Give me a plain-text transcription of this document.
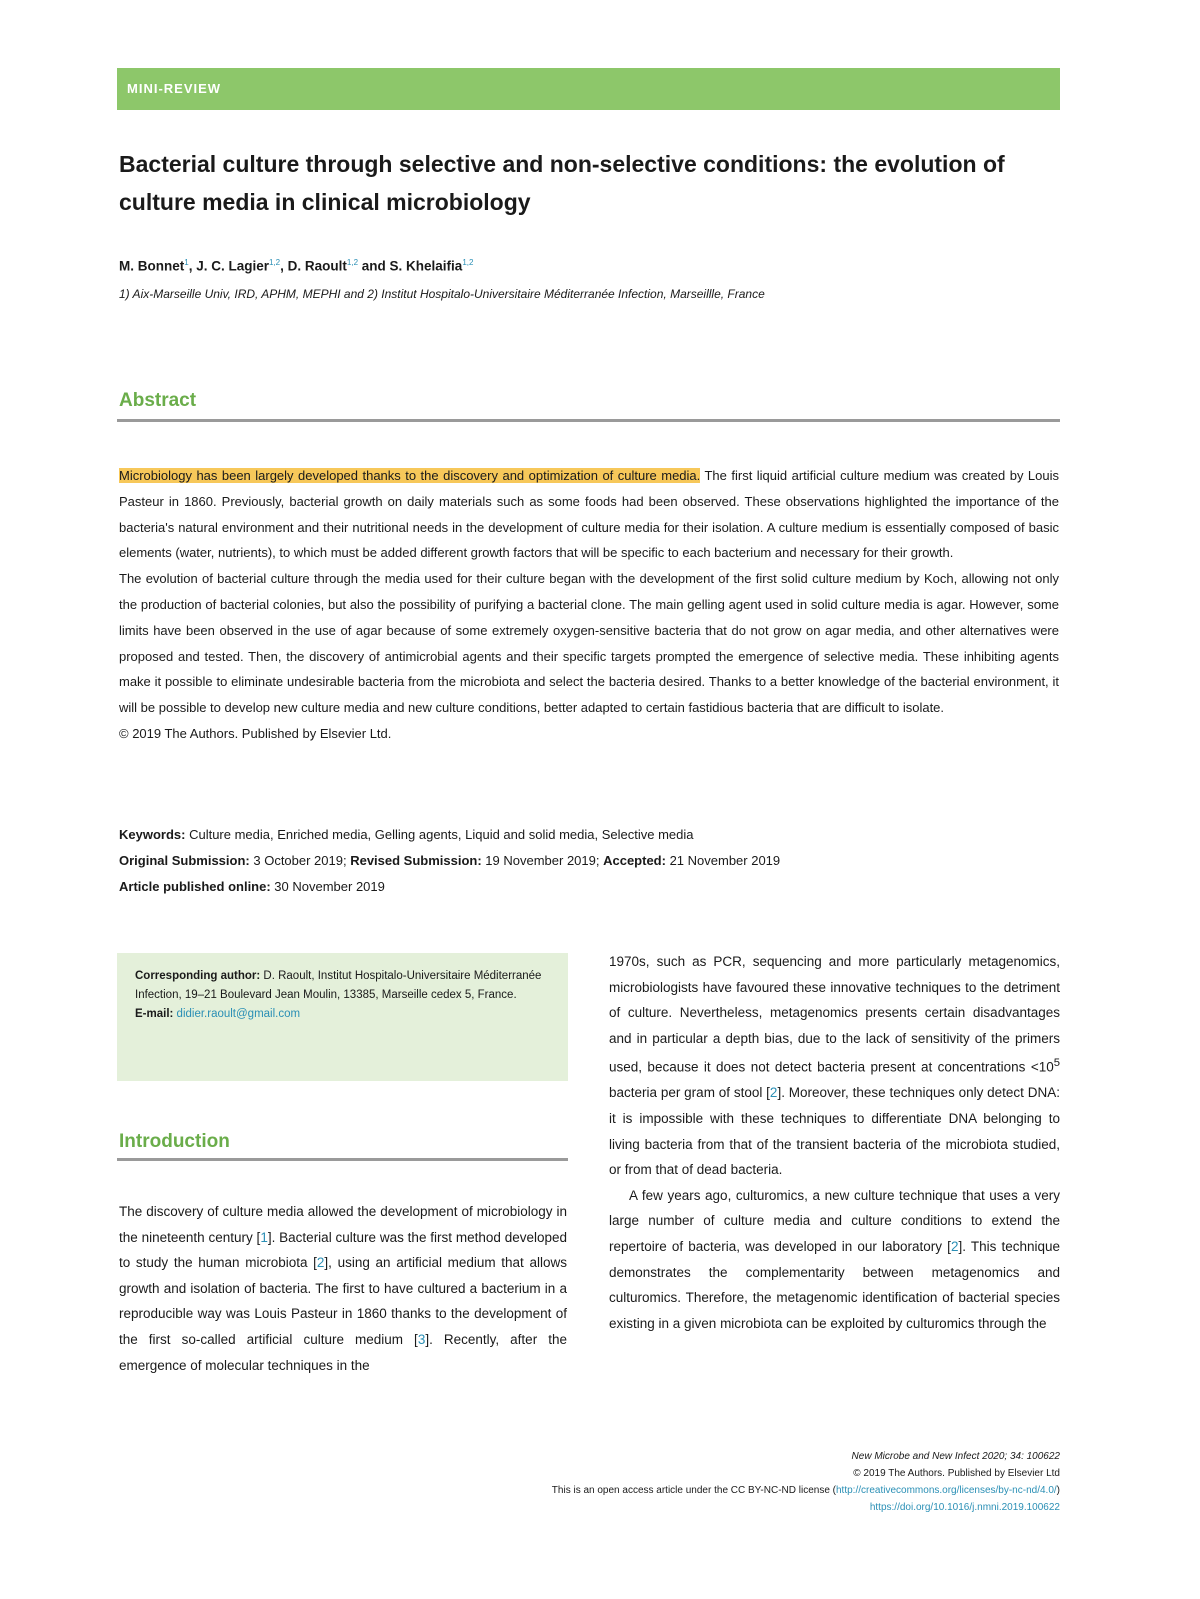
MINI-REVIEW
Bacterial culture through selective and non-selective conditions: the evolution of culture media in clinical microbiology
M. Bonnet$^1$, J. C. Lagier$^{1,2}$, D. Raoult$^{1,2}$ and S. Khelaifia$^{1,2}$
1) Aix-Marseille Univ, IRD, APHM, MEPHI and 2) Institut Hospitalo-Universitaire Méditerranée Infection, Marseillle, France
Abstract

Microbiology has been largely developed thanks to the discovery and optimization of culture media. The first liquid artificial culture medium was created by Louis Pasteur in 1860. Previously, bacterial growth on daily materials such as some foods had been observed. These observations highlighted the importance of the bacteria's natural environment and their nutritional needs in the development of culture media for their isolation. A culture medium is essentially composed of basic elements (water, nutrients), to which must be added different growth factors that will be specific to each bacterium and necessary for their growth.

The evolution of bacterial culture through the media used for their culture began with the development of the first solid culture medium by Koch, allowing not only the production of bacterial colonies, but also the possibility of purifying a bacterial clone. The main gelling agent used in solid culture media is agar. However, some limits have been observed in the use of agar because of some extremely oxygen-sensitive bacteria that do not grow on agar media, and other alternatives were proposed and tested. Then, the discovery of antimicrobial agents and their specific targets prompted the emergence of selective media. These inhibiting agents make it possible to eliminate undesirable bacteria from the microbiota and select the bacteria desired. Thanks to a better knowledge of the bacterial environment, it will be possible to develop new culture media and new culture conditions, better adapted to certain fastidious bacteria that are difficult to isolate.

© 2019 The Authors. Published by Elsevier Ltd.

Keywords: Culture media, Enriched media, Gelling agents, Liquid and solid media, Selective media
Original Submission: 3 October 2019; Revised Submission: 19 November 2019; Accepted: 21 November 2019
Article published online: 30 November 2019
Corresponding author: D. Raoult, Institut Hospitalo-Universitaire Méditerranée Infection, 19–21 Boulevard Jean Moulin, 13385, Marseille cedex 5, France.
E-mail: didier.raoult@gmail.com
Introduction

The discovery of culture media allowed the development of microbiology in the nineteenth century [1]. Bacterial culture was the first method developed to study the human microbiota [2], using an artificial medium that allows growth and isolation of bacteria. The first to have cultured a bacterium in a reproducible way was Louis Pasteur in 1860 thanks to the development of the first so-called artificial culture medium [3]. Recently, after the emergence of molecular techniques in the

1970s, such as PCR, sequencing and more particularly metagenomics, microbiologists have favoured these innovative techniques to the detriment of culture. Nevertheless, metagenomics presents certain disadvantages and in particular a depth bias, due to the lack of sensitivity of the primers used, because it does not detect bacteria present at concentrations $<10^5$ bacteria per gram of stool [2]. Moreover, these techniques only detect DNA: it is impossible with these techniques to differentiate DNA belonging to living bacteria from that of the transient bacteria of the microbiota studied, or from that of dead bacteria.

A few years ago, culturomics, a new culture technique that uses a very large number of culture media and culture conditions to extend the repertoire of bacteria, was developed in our laboratory [2]. This technique demonstrates the complementarity between metagenomics and culturomics. Therefore, the metagenomic identification of bacterial species existing in a given microbiota can be exploited by culturomics through the

New Microbe and New Infect 2020; 34: 100622
© 2019 The Authors. Published by Elsevier Ltd
This is an open access article under the CC BY-NC-ND license (http://creativecommons.org/licenses/by-nc-nd/4.0/)
https://doi.org/10.1016/j.nmni.2019.100622
